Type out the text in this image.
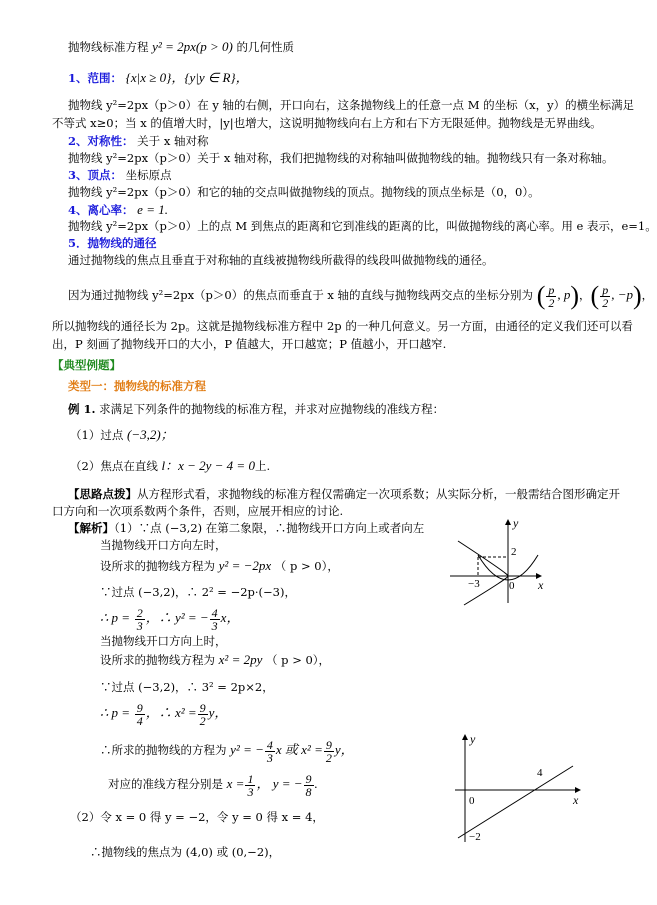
抛物线标准方程 y² = 2px(p > 0) 的几何性质
1、范围： {x|x ≥ 0}，{y|y ∈ R}，
抛物线 y²=2px（p＞0）在 y 轴的右侧，开口向右，这条抛物线上的任意一点 M 的坐标（x，y）的横坐标满足
不等式 x≥0；当 x 的值增大时，|y|也增大，这说明抛物线向右上方和右下方无限延伸。抛物线是无界曲线。
2、对称性： 关于 x 轴对称
抛物线 y²=2px（p＞0）关于 x 轴对称，我们把抛物线的对称轴叫做抛物线的轴。抛物线只有一条对称轴。
3、顶点： 坐标原点
抛物线 y²=2px（p＞0）和它的轴的交点叫做抛物线的顶点。抛物线的顶点坐标是（0，0）。
4、离心率： e = 1.
抛物线 y²=2px（p＞0）上的点 M 到焦点的距离和它到准线的距离的比，叫做抛物线的离心率。用 e 表示，e=1。
5．抛物线的通径
通过抛物线的焦点且垂直于对称轴的直线被抛物线所截得的线段叫做抛物线的通径。
因为通过抛物线 y²=2px（p＞0）的焦点而垂直于 x 轴的直线与抛物线两交点的坐标分别为 ( $\frac{p}{2}$ , p)，( $\frac{p}{2}$ , −p)，
所以抛物线的通径长为 2p。这就是抛物线标准方程中 2p 的一种几何意义。另一方面，由通径的定义我们还可以看
出，P 刻画了抛物线开口的大小，P 值越大，开口越宽；P 值越小，开口越窄.
【典型例题】
类型一：抛物线的标准方程
例 1. 求满足下列条件的抛物线的标准方程，并求对应抛物线的准线方程：
（1）过点 (−3,2)；
（2）焦点在直线 l：x − 2y − 4 = 0上.
【思路点拨】从方程形式看，求抛物线的标准方程仅需确定一次项系数；从实际分析，一般需结合图形确定开
口方向和一次项系数两个条件，否则，应展开相应的讨论.
【解析】（1）∵点 (−3,2) 在第二象限，∴抛物线开口方向上或者向左
当抛物线开口方向左时，
设所求的抛物线方程为 y² = −2px （ p > 0），
∵过点 (−3,2)，∴ 2² = −2p·(−3)，
∴ $p = \frac{2}{3}$ ，∴ y² = − $\frac{4}{3}$ x，
当抛物线开口方向上时，
设所求的抛物线方程为 x² = 2py （ p > 0），
∵过点 (−3,2)，∴ 3² = 2p×2，
∴ $p = \frac{9}{4}$ ，∴ $x^2 = \frac{9}{2}$ y，
∴所求的抛物线的方程为 y² = − $\frac{4}{3}$ x 或 $x^2 = \frac{9}{2}$ y，
对应的准线方程分别是 $x = \frac{1}{3}$ ， y = − $\frac{9}{8}$ .
（2）令 x = 0 得 y = −2，令 y = 0 得 x = 4，
∴抛物线的焦点为 (4,0) 或 (0,−2)，
y
x
2
−3	0
y
x
4
−2
0
